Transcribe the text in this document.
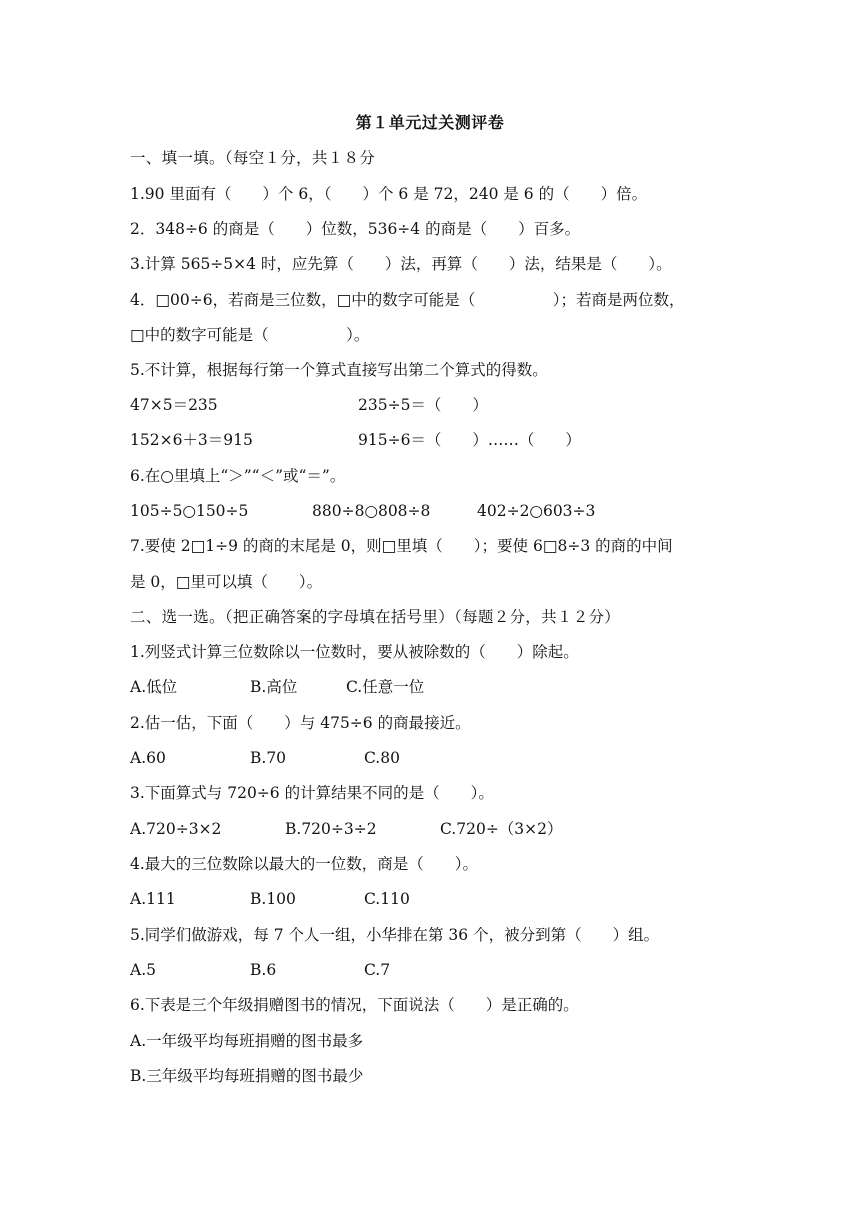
第１单元过关测评卷
一、填一填。（每空１分，共１８分
1.90 里面有（　　）个 6，（　　）个 6 是 72，240 是 6 的（　　）倍。
2．348÷6 的商是（　　）位数，536÷4 的商是（　　）百多。
3.计算 565÷5×4 时，应先算（　　）法，再算（　　）法，结果是（　　）。
4．□00÷6，若商是三位数，□中的数字可能是（　　　　　）；若商是两位数，
□中的数字可能是（　　　　　）。
5.不计算，根据每行第一个算式直接写出第二个算式的得数。
47×5＝235	235÷5＝（　　）
152×6＋3＝915	915÷6＝（　　）……（　　）
6.在○里填上“＞”“＜”或“＝”。
105÷5○150÷5	880÷8○808÷8	402÷2○603÷3
7.要使 2□1÷9 的商的末尾是 0，则□里填（　　）；要使 6□8÷3 的商的中间
是 0，□里可以填（　　）。
二、选一选。（把正确答案的字母填在括号里）（每题２分，共１２分）
1.列竖式计算三位数除以一位数时，要从被除数的（　　）除起。
A.低位	B.高位	C.任意一位
2.估一估，下面（　　）与 475÷6 的商最接近。
A.60	B.70	C.80
3.下面算式与 720÷6 的计算结果不同的是（　　）。
A.720÷3×2	B.720÷3÷2	C.720÷（3×2）
4.最大的三位数除以最大的一位数，商是（　　）。
A.111	B.100	C.110
5.同学们做游戏，每 7 个人一组，小华排在第 36 个，被分到第（　　）组。
A.5	B.6	C.7
6.下表是三个年级捐赠图书的情况，下面说法（　　）是正确的。
A.一年级平均每班捐赠的图书最多
B.三年级平均每班捐赠的图书最少
